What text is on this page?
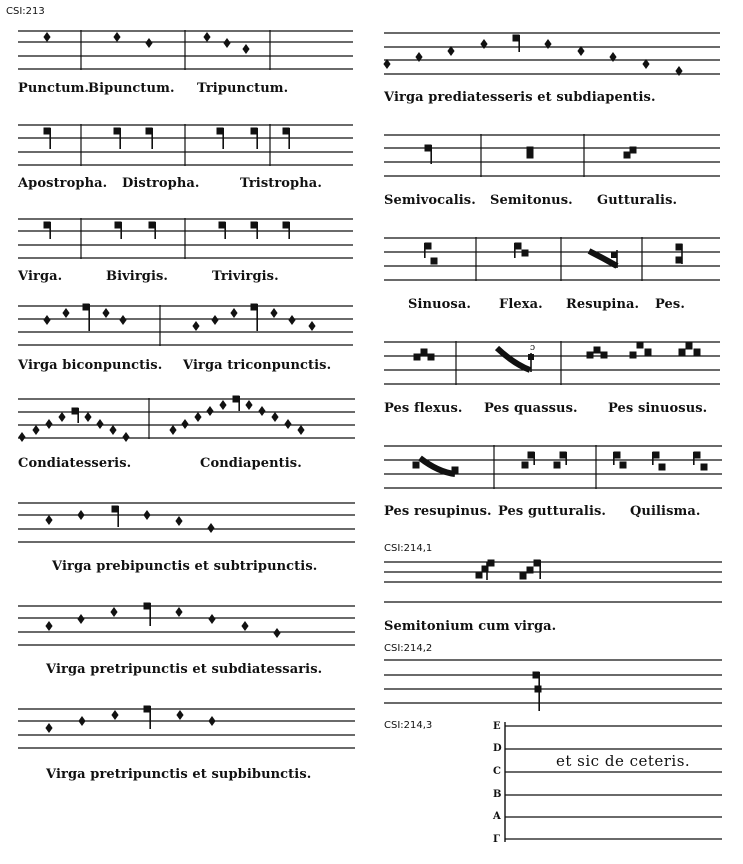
ɔ
CSI:213
Punctum.
Bipunctum. Tripunctum.
Apostropha. Distropha.	Tristropha.
Virga.	Bivirgis.	Trivirgis.
Virga biconpunctis. Virga triconpunctis.
Condiatesseris.	Condiapentis.
Virga prebipunctis et subtripunctis.
Virga pretripunctis et subdiatessaris.
Virga pretripunctis et supbibunctis.
Virga prediatesseris et subdiapentis.
Semivocalis. Semitonus. Gutturalis.
Sinuosa. Flexa. Resupina. Pes.
Pes flexus. Pes quassus. Pes sinuosus.
Pes resupinus. Pes gutturalis. Quilisma.
CSI:214,1
Semitonium cum virga.
CSI:214,2
CSI:214,3	E
D
C
B
A
Γ
et sic de ceteris.
